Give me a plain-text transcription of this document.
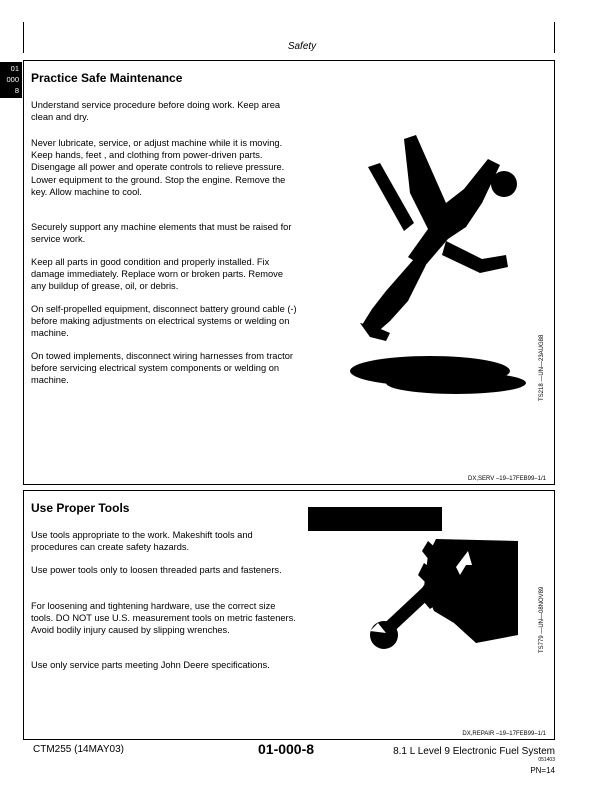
Safety
01
000
8
Practice Safe Maintenance

Understand service procedure before doing work. Keep area clean and dry.

Never lubricate, service, or adjust machine while it is moving. Keep hands, feet , and clothing from power-driven parts. Disengage all power and operate controls to relieve pressure. Lower equipment to the ground. Stop the engine. Remove the key. Allow machine to cool.

Securely support any machine elements that must be raised for service work.

Keep all parts in good condition and properly installed. Fix damage immediately. Replace worn or broken parts. Remove any buildup of grease, oil, or debris.

On self-propelled equipment, disconnect battery ground cable (-) before making adjustments on electrical systems or welding on machine.

On towed implements, disconnect wiring harnesses from tractor before servicing electrical system components or welding on machine.	TS218 —UN—23AUG88
DX,SERV –19–17FEB99–1/1
Use Proper Tools

Use tools appropriate to the work. Makeshift tools and procedures can create safety hazards.

Use power tools only to loosen threaded parts and fasteners.

For loosening and tightening hardware, use the correct size tools. DO NOT use U.S. measurement tools on metric fasteners. Avoid bodily injury caused by slipping wrenches.

Use only service parts meeting John Deere specifications.

TS779 —UN—08NOV89
DX,REPAIR –19–17FEB99–1/1
CTM255 (14MAY03)	01-000-8	8.1 L Level 9 Electronic Fuel System
051403
PN=14
